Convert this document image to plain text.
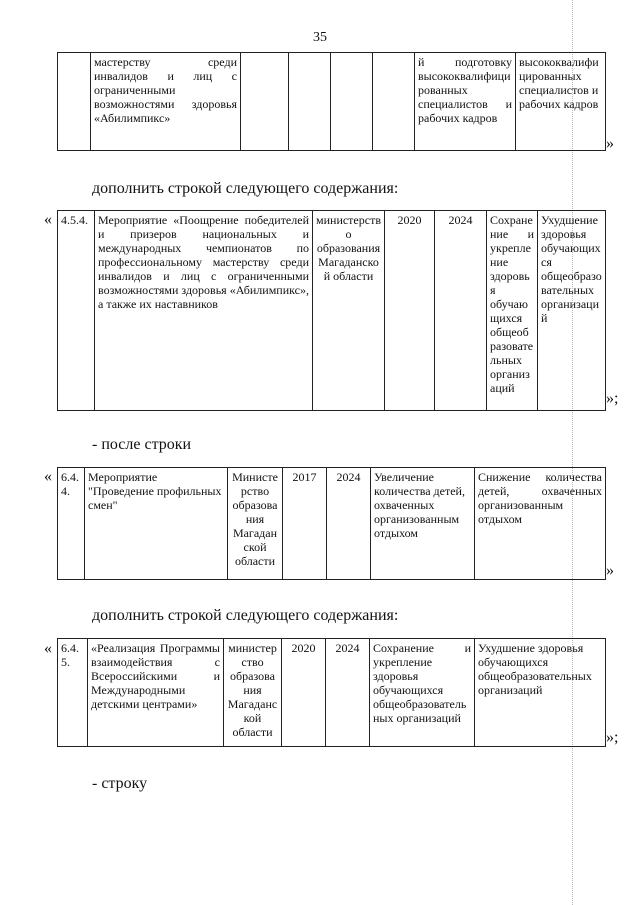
35
	мастерству среди инвалидов и лиц с ограниченными возможностями здоровья «Абилимпикс»					й подготовку высококвалифицированных специалистов и рабочих кадров	высококвалифицированных специалистов и рабочих кадров
»
дополнить строкой следующего содержания:
« 4.5.4.	Мероприятие «Поощрение победителей и призеров национальных и международных чемпионатов по профессиональному мастерству среди инвалидов и лиц с ограниченными возможностями здоровья «Абилимпикс», а также их наставников	министерство образования Магаданской области	2020	2024	Сохранение и укрепление здоровья обучающихся общеобразовательных организаций	Ухудшение здоровья обучающихся общеобразовательных организаций
»;
- после строки
« 6.4.4.	Мероприятие "Проведение профильных смен"	Министерство образования Магаданской области	2017	2024	Увеличение количества детей, охваченных организованным отдыхом	Снижение количества детей, охваченных организованным отдыхом
»
дополнить строкой следующего содержания:
« 6.4.5.	«Реализация Программы взаимодействия с Всероссийскими и Международными детскими центрами»	министерство образования Магаданской области	2020	2024	Сохранение и укрепление здоровья обучающихся общеобразовательных организаций	Ухудшение здоровья обучающихся общеобразовательных организаций
»;
- строку
